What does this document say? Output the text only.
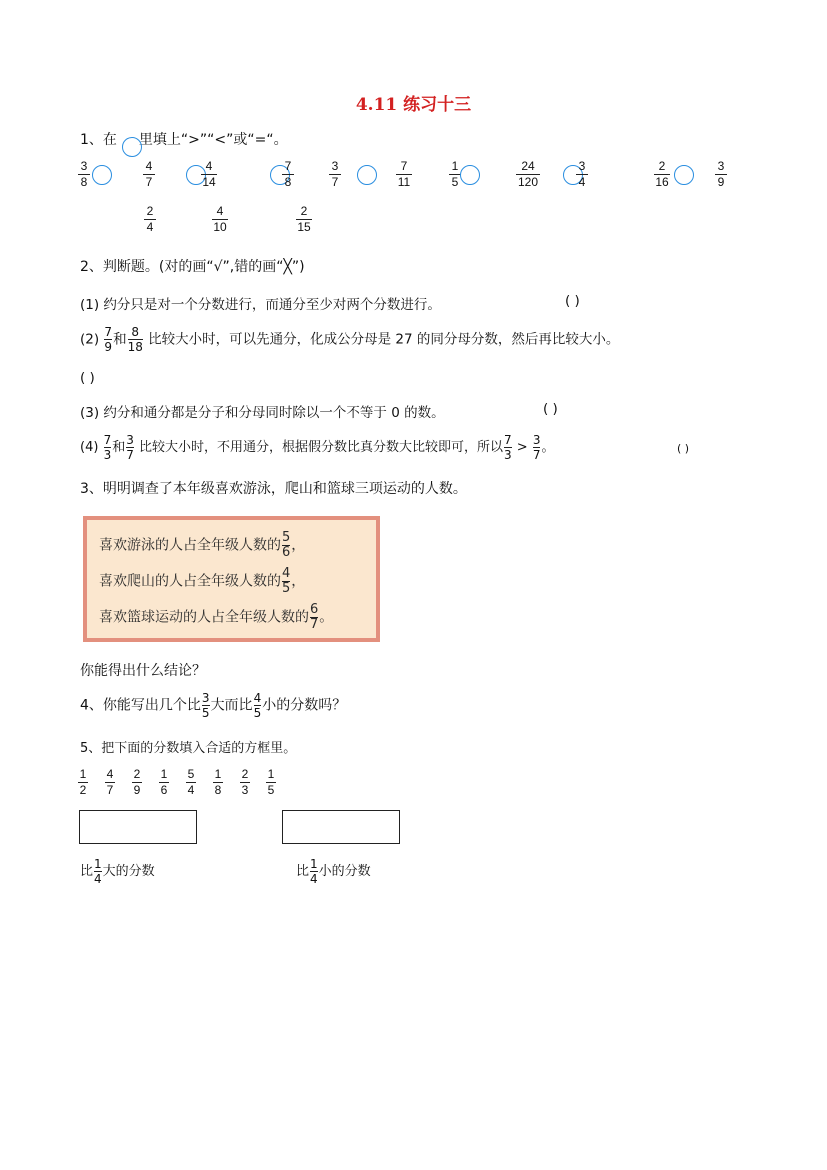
4.11 练习十三
1、在 里填上“>”“<”或“=“。
3
8
4
7
4
14
7
8
3
7
7
11
1
5
24
120
3
4
2
16
3
9
2
4
4
10
2
15
2、判断题。(对的画“√”,错的画“╳”)
(1) 约分只是对一个分数进行，而通分至少对两个分数进行。	( )
$(2) \frac{7}{9}$ 和 $\frac{8}{18}$ 比较大小时，可以先通分，化成公分母是 27 的同分母分数，然后再比较大小。
( )
(3) 约分和通分都是分子和分母同时除以一个不等于 0 的数。	( )
$(4) \frac{7}{3}$ 和 $\frac{3}{7}$ 比较大小时，不用通分，根据假分数比真分数大比较即可，所以 $\frac{7}{3} > \frac{3}{7}$ 。	( )
3、明明调查了本年级喜欢游泳，爬山和篮球三项运动的人数。
喜欢游泳的人占全年级人数的 $\frac{5}{6}$ ，
喜欢爬山的人占全年级人数的 $\frac{4}{5}$ ，
喜欢篮球运动的人占全年级人数的 $\frac{6}{7}$ 。
你能得出什么结论？
4、你能写出几个比 $\frac{3}{5}$ 大而比 $\frac{4}{5}$ 小的分数吗？
5、把下面的分数填入合适的方框里。
1
2
4
7
2
9
1
6
5
4
1
8
2
3
1
5
比 $\frac{1}{4}$ 大的分数	比 $\frac{1}{4}$ 小的分数
